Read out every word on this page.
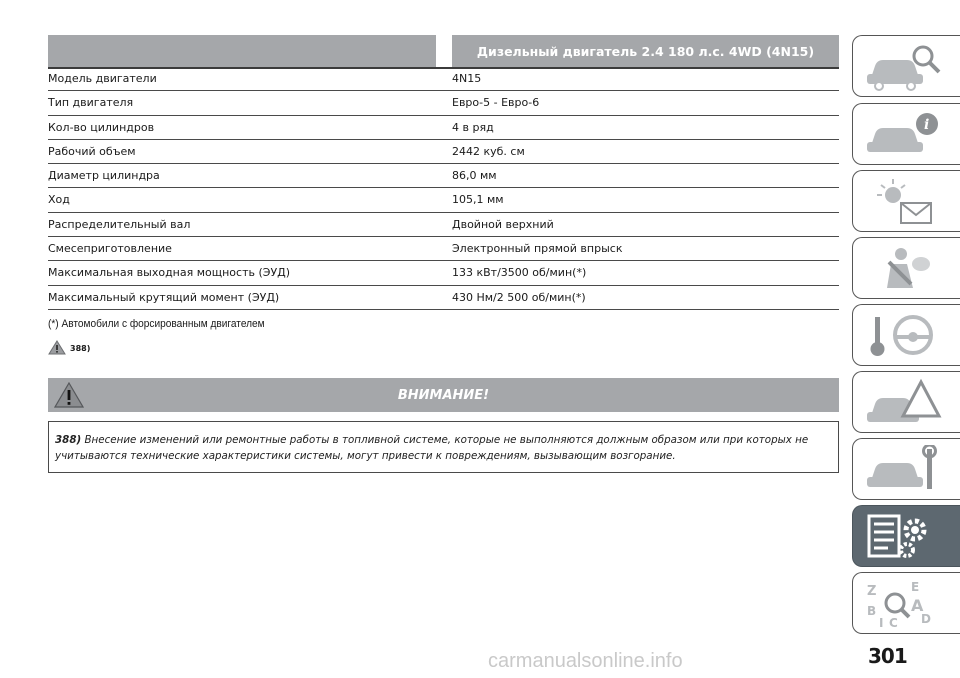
Дизельный двигатель 2.4 180 л.с. 4WD (4N15)
Модель двигатели	4N15
Тип двигателя	Евро-5 - Евро-6
Кол-во цилиндров	4 в ряд
Рабочий объем	2442 куб. см
Диаметр цилиндра	86,0 мм
Ход	105,1 мм
Распределительный вал	Двойной верхний
Смесеприготовление	Электронный прямой впрыск
Максимальная выходная мощность (ЭУД)	133 кВт/3500 об/мин(*)
Максимальный крутящий момент (ЭУД)	430 Нм/2 500 об/мин(*)
(*) Автомобили с форсированным двигателем
388)
ВНИМАНИЕ!
388) Внесение изменений или ремонтные работы в топливной системе, которые не выполняются должным образом или при которых не учитываются технические характеристики системы, могут привести к повреждениям, вызывающим возгорание.
i
Z	E
B A
D
I C
301
carmanualsonline.info
